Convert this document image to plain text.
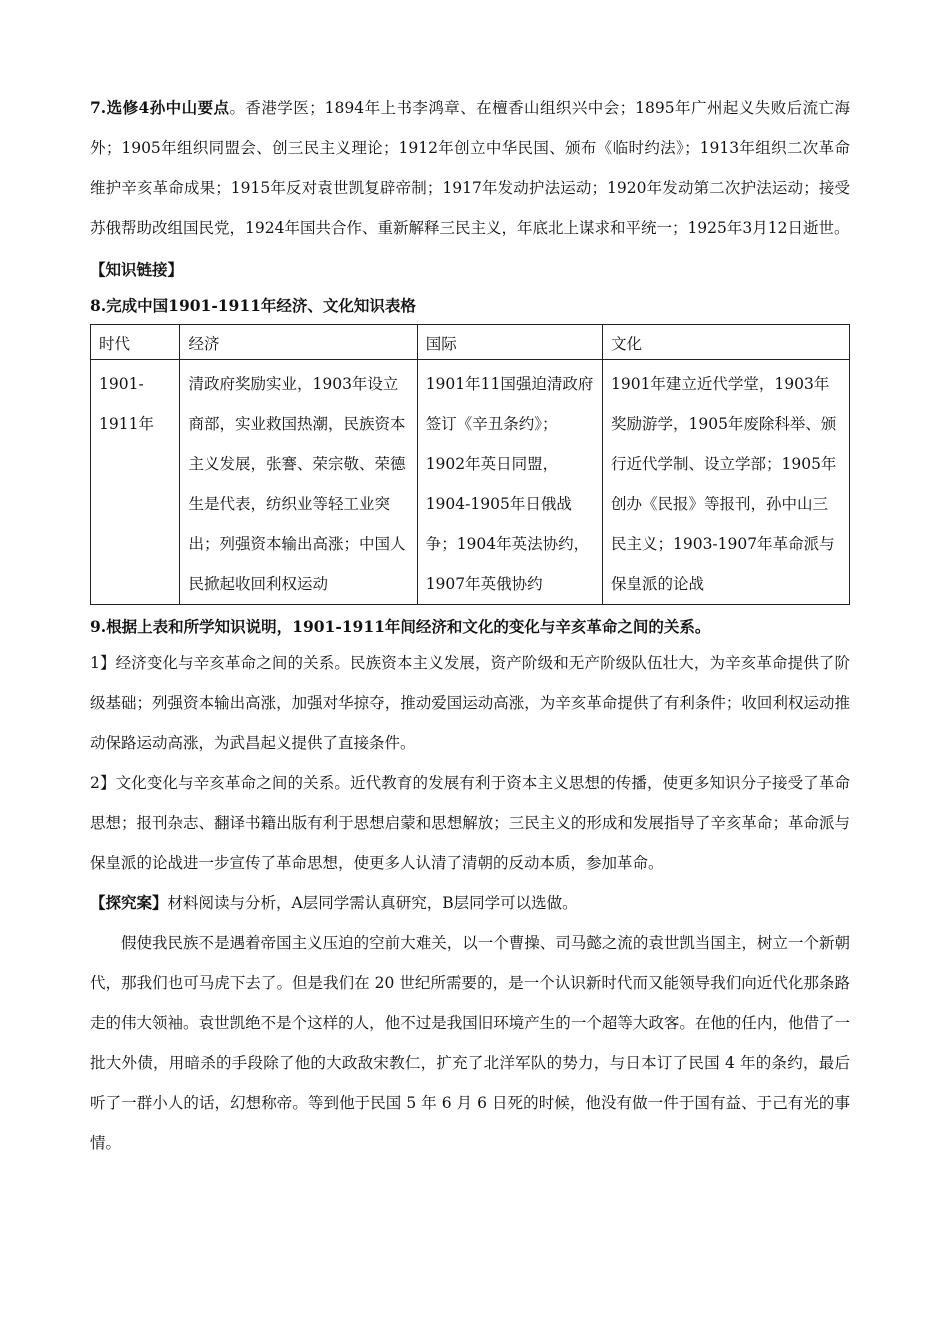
7.选修4孙中山要点。香港学医；1894年上书李鸿章、在檀香山组织兴中会；1895年广州起义失败后流亡海外；1905年组织同盟会、创三民主义理论；1912年创立中华民国、颁布《临时约法》；1913年组织二次革命维护辛亥革命成果；1915年反对袁世凯复辟帝制；1917年发动护法运动；1920年发动第二次护法运动；接受苏俄帮助改组国民党，1924年国共合作、重新解释三民主义，年底北上谋求和平统一；1925年3月12日逝世。

【知识链接】

8.完成中国1901-1911年经济、文化知识表格

时代	经济	国际	文化
1901-1911年	清政府奖励实业，1903年设立商部，实业救国热潮，民族资本主义发展，张謇、荣宗敬、荣德生是代表，纺织业等轻工业突出；列强资本输出高涨；中国人民掀起收回利权运动	1901年11国强迫清政府签订《辛丑条约》；1902年英日同盟，1904-1905年日俄战争；1904年英法协约，1907年英俄协约	1901年建立近代学堂，1903年奖励游学，1905年废除科举、颁行近代学制、设立学部；1905年创办《民报》等报刊，孙中山三民主义；1903-1907年革命派与保皇派的论战

9.根据上表和所学知识说明，1901-1911年间经济和文化的变化与辛亥革命之间的关系。

1】经济变化与辛亥革命之间的关系。民族资本主义发展，资产阶级和无产阶级队伍壮大，为辛亥革命提供了阶级基础；列强资本输出高涨，加强对华掠夺，推动爱国运动高涨，为辛亥革命提供了有利条件；收回利权运动推动保路运动高涨，为武昌起义提供了直接条件。

2】文化变化与辛亥革命之间的关系。近代教育的发展有利于资本主义思想的传播，使更多知识分子接受了革命思想；报刊杂志、翻译书籍出版有利于思想启蒙和思想解放；三民主义的形成和发展指导了辛亥革命；革命派与保皇派的论战进一步宣传了革命思想，使更多人认清了清朝的反动本质，参加革命。

【探究案】材料阅读与分析，A层同学需认真研究，B层同学可以选做。

假使我民族不是遇着帝国主义压迫的空前大难关，以一个曹操、司马懿之流的袁世凯当国主，树立一个新朝代，那我们也可马虎下去了。但是我们在 20 世纪所需要的，是一个认识新时代而又能领导我们向近代化那条路走的伟大领袖。袁世凯绝不是个这样的人，他不过是我国旧环境产生的一个超等大政客。在他的任内，他借了一批大外债，用暗杀的手段除了他的大政敌宋教仁，扩充了北洋军队的势力，与日本订了民国 4 年的条约，最后听了一群小人的话，幻想称帝。等到他于民国 5 年 6 月 6 日死的时候，他没有做一件于国有益、于己有光的事情。
